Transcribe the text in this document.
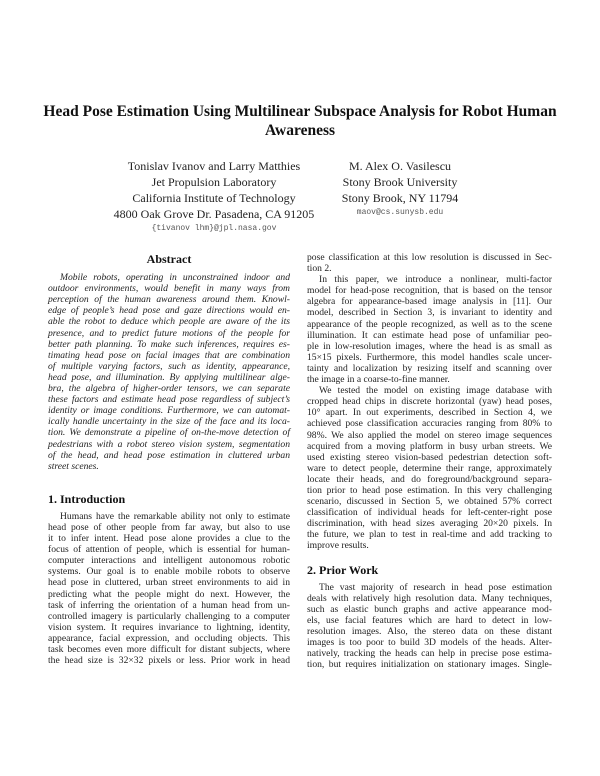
Head Pose Estimation Using Multilinear Subspace Analysis for Robot Human
Awareness
Tonislav Ivanov and Larry Matthies
Jet Propulsion Laboratory
California Institute of Technology
4800 Oak Grove Dr. Pasadena, CA 91205
{tivanov lhm}@jpl.nasa.gov
M. Alex O. Vasilescu
Stony Brook University
Stony Brook, NY 11794
maov@cs.sunysb.edu
Abstract
Mobile robots, operating in unconstrained indoor and
outdoor environments, would benefit in many ways from
perception of the human awareness around them. Knowl-
edge of people’s head pose and gaze directions would en-
able the robot to deduce which people are aware of the its
presence, and to predict future motions of the people for
better path planning. To make such inferences, requires es-
timating head pose on facial images that are combination
of multiple varying factors, such as identity, appearance,
head pose, and illumination. By applying multilinear alge-
bra, the algebra of higher-order tensors, we can separate
these factors and estimate head pose regardless of subject’s
identity or image conditions. Furthermore, we can automat-
ically handle uncertainty in the size of the face and its loca-
tion. We demonstrate a pipeline of on-the-move detection of
pedestrians with a robot stereo vision system, segmentation
of the head, and head pose estimation in cluttered urban
street scenes.
1. Introduction
Humans have the remarkable ability not only to estimate
head pose of other people from far away, but also to use
it to infer intent. Head pose alone provides a clue to the
focus of attention of people, which is essential for human-
computer interactions and intelligent autonomous robotic
systems. Our goal is to enable mobile robots to observe
head pose in cluttered, urban street environments to aid in
predicting what the people might do next. However, the
task of inferring the orientation of a human head from un-
controlled imagery is particularly challenging to a computer
vision system. It requires invariance to lightning, identity,
appearance, facial expression, and occluding objects. This
task becomes even more difficult for distant subjects, where
the head size is 32×32 pixels or less. Prior work in head
pose classification at this low resolution is discussed in Sec-
tion 2.
In this paper, we introduce a nonlinear, multi-factor
model for head-pose recognition, that is based on the tensor
algebra for appearance-based image analysis in [11]. Our
model, described in Section 3, is invariant to identity and
appearance of the people recognized, as well as to the scene
illumination. It can estimate head pose of unfamiliar peo-
ple in low-resolution images, where the head is as small as
15×15 pixels. Furthermore, this model handles scale uncer-
tainty and localization by resizing itself and scanning over
the image in a coarse-to-fine manner.
We tested the model on existing image database with
cropped head chips in discrete horizontal (yaw) head poses,
10° apart. In out experiments, described in Section 4, we
achieved pose classification accuracies ranging from 80% to
98%. We also applied the model on stereo image sequences
acquired from a moving platform in busy urban streets. We
used existing stereo vision-based pedestrian detection soft-
ware to detect people, determine their range, approximately
locate their heads, and do foreground/background separa-
tion prior to head pose estimation. In this very challenging
scenario, discussed in Section 5, we obtained 57% correct
classification of individual heads for left-center-right pose
discrimination, with head sizes averaging 20×20 pixels. In
the future, we plan to test in real-time and add tracking to
improve results.
2. Prior Work
The vast majority of research in head pose estimation
deals with relatively high resolution data. Many techniques,
such as elastic bunch graphs and active appearance mod-
els, use facial features which are hard to detect in low-
resolution images. Also, the stereo data on these distant
images is too poor to build 3D models of the heads. Alter-
natively, tracking the heads can help in precise pose estima-
tion, but requires initialization on stationary images. Single-
